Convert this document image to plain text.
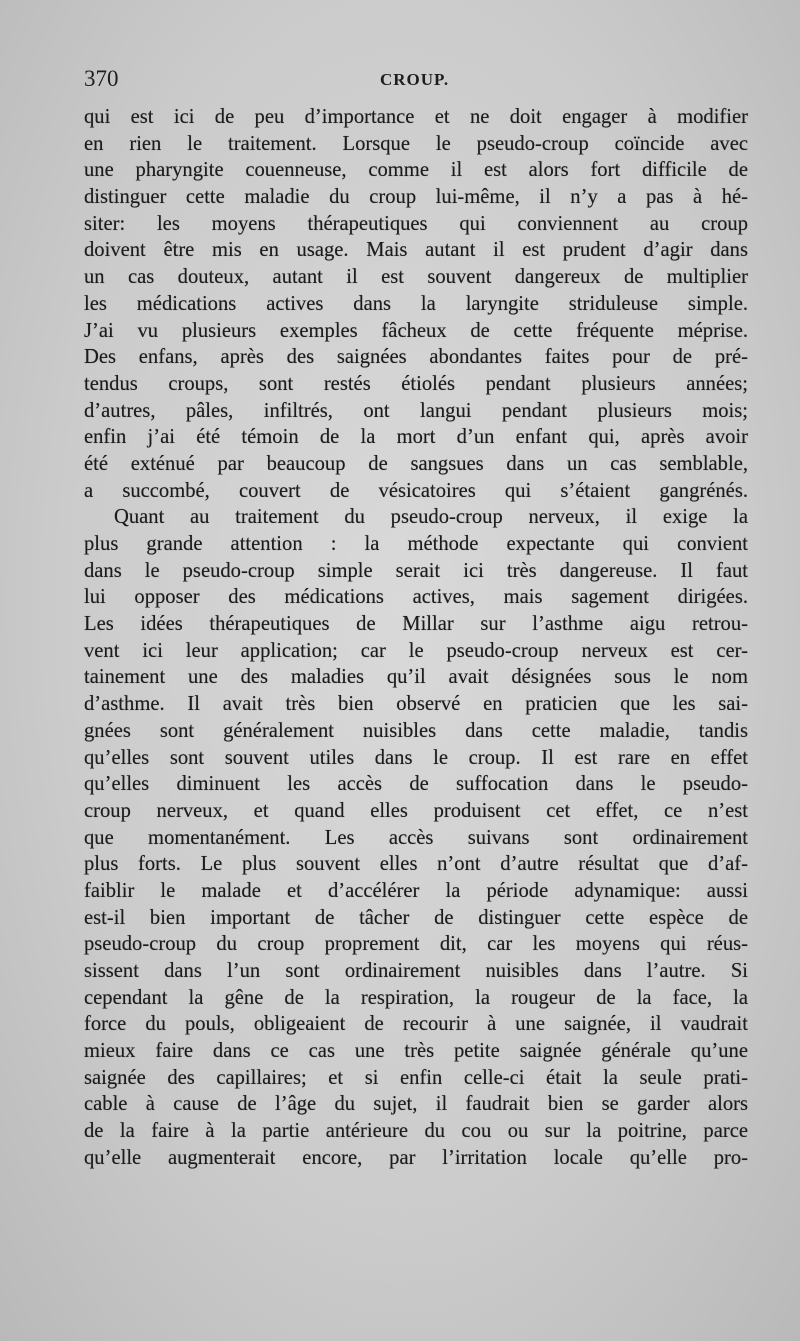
370	CROUP.
qui est ici de peu d’importance et ne doit engager à modifier
en rien le traitement. Lorsque le pseudo-croup coïncide avec
une pharyngite couenneuse, comme il est alors fort difficile de
distinguer cette maladie du croup lui-même, il n’y a pas à hé-
siter: les moyens thérapeutiques qui conviennent au croup
doivent être mis en usage. Mais autant il est prudent d’agir dans
un cas douteux, autant il est souvent dangereux de multiplier
les médications actives dans la laryngite striduleuse simple.
J’ai vu plusieurs exemples fâcheux de cette fréquente méprise.
Des enfans, après des saignées abondantes faites pour de pré-
tendus croups, sont restés étiolés pendant plusieurs années;
d’autres, pâles, infiltrés, ont langui pendant plusieurs mois;
enfin j’ai été témoin de la mort d’un enfant qui, après avoir
été exténué par beaucoup de sangsues dans un cas semblable,
a succombé, couvert de vésicatoires qui s’étaient gangrénés.
Quant au traitement du pseudo-croup nerveux, il exige la
plus grande attention : la méthode expectante qui convient
dans le pseudo-croup simple serait ici très dangereuse. Il faut
lui opposer des médications actives, mais sagement dirigées.
Les idées thérapeutiques de Millar sur l’asthme aigu retrou-
vent ici leur application; car le pseudo-croup nerveux est cer-
tainement une des maladies qu’il avait désignées sous le nom
d’asthme. Il avait très bien observé en praticien que les sai-
gnées sont généralement nuisibles dans cette maladie, tandis
qu’elles sont souvent utiles dans le croup. Il est rare en effet
qu’elles diminuent les accès de suffocation dans le pseudo-
croup nerveux, et quand elles produisent cet effet, ce n’est
que momentanément. Les accès suivans sont ordinairement
plus forts. Le plus souvent elles n’ont d’autre résultat que d’af-
faiblir le malade et d’accélérer la période adynamique: aussi
est-il bien important de tâcher de distinguer cette espèce de
pseudo-croup du croup proprement dit, car les moyens qui réus-
sissent dans l’un sont ordinairement nuisibles dans l’autre. Si
cependant la gêne de la respiration, la rougeur de la face, la
force du pouls, obligeaient de recourir à une saignée, il vaudrait
mieux faire dans ce cas une très petite saignée générale qu’une
saignée des capillaires; et si enfin celle-ci était la seule prati-
cable à cause de l’âge du sujet, il faudrait bien se garder alors
de la faire à la partie antérieure du cou ou sur la poitrine, parce
qu’elle augmenterait encore, par l’irritation locale qu’elle pro-
